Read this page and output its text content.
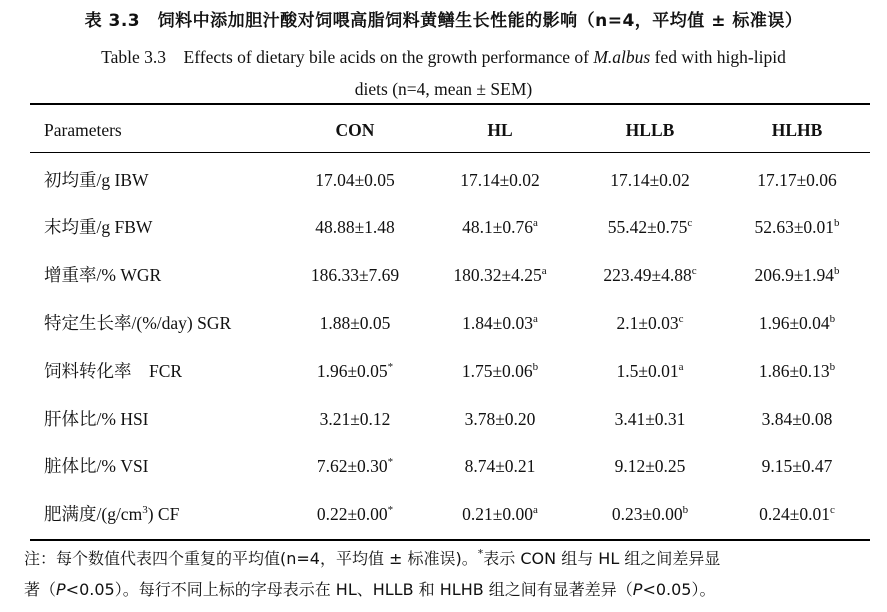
表 3.3　饲料中添加胆汁酸对饲喂高脂饲料黄鳝生长性能的影响（n=4，平均值 ± 标准误）
Table 3.3　Effects of dietary bile acids on the growth performance of M.albus fed with high-lipid
diets (n=4, mean ± SEM)
Parameters	CON	HL	HLLB	HLHB
初均重/g IBW	17.04±0.05	17.14±0.02	17.14±0.02	17.17±0.06
末均重/g FBW	48.88±1.48	48.1±0.76$^a$	55.42±0.75$^c$	52.63±0.01$^b$
增重率/% WGR	186.33±7.69	180.32±4.25$^a$	223.49±4.88$^c$	206.9±1.94$^b$
特定生长率/(%/day) SGR	1.88±0.05	1.84±0.03$^a$	2.1±0.03$^c$	1.96±0.04$^b$
饲料转化率　FCR	1.96±0.05*	1.75±0.06$^b$	1.5±0.01$^a$	1.86±0.13$^b$
肝体比/% HSI	3.21±0.12	3.78±0.20	3.41±0.31	3.84±0.08
脏体比/% VSI	7.62±0.30*	8.74±0.21	9.12±0.25	9.15±0.47
肥满度$/(g/cm^3)$ CF	0.22±0.00*	0.21±0.00$^a$	0.23±0.00$^b$	0.24±0.01$^c$
注：每个数值代表四个重复的平均值(n=4，平均值 ± 标准误)。*表示 CON 组与 HL 组之间差异显
著（P<0.05）。每行不同上标的字母表示在 HL、HLLB 和 HLHB 组之间有显著差异（P<0.05）。
